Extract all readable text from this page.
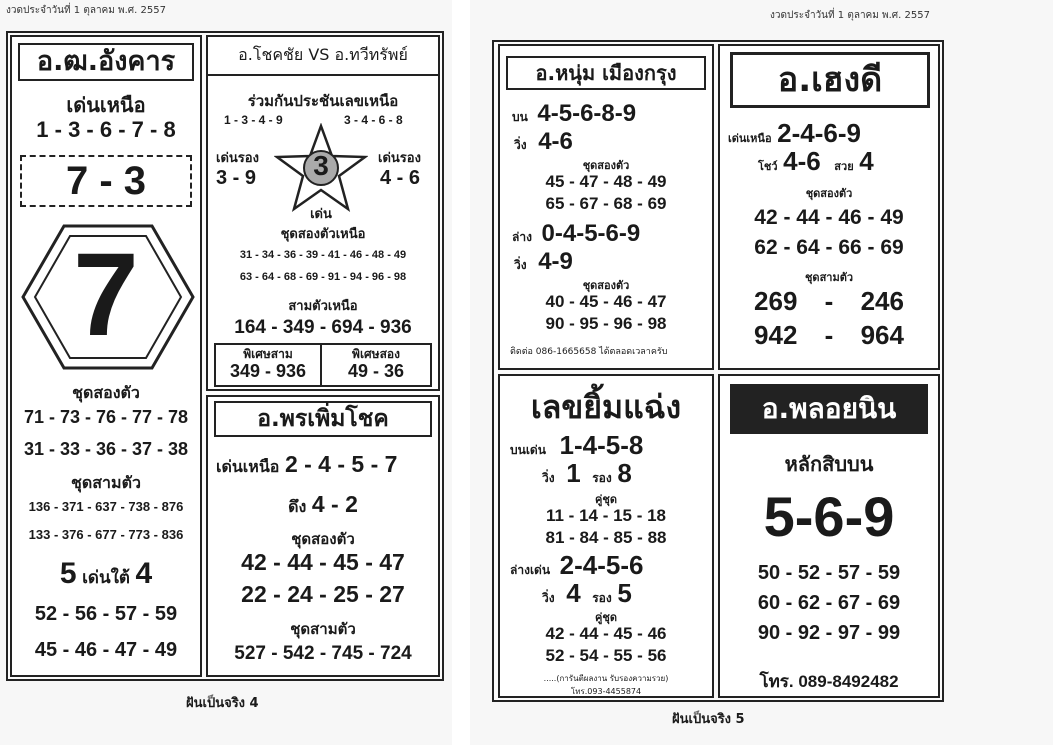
งวดประจำวันที่ 1 ตุลาคม พ.ศ. 2557
อ.ฒ.อังคาร
เด่นเหนือ
1 - 3 - 6 - 7 - 8
7 - 3
7
ชุดสองตัว
71 - 73 - 76 - 77 - 78
31 - 33 - 36 - 37 - 38
ชุดสามตัว
136 - 371 - 637 - 738 - 876
133 - 376 - 677 - 773 - 836
5 เด่นใต้ 4
52 - 56 - 57 - 59
45 - 46 - 47 - 49
อ.โชคชัย VS อ.ทวีทรัพย์
ร่วมกันประชันเลขเหนือ
1 - 3 - 4 - 9	3 - 4 - 6 - 8
3
เด่น
เด่นรอง
3 - 9
เด่นรอง
4 - 6
ชุดสองตัวเหนือ
31 - 34 - 36 - 39 - 41 - 46 - 48 - 49
63 - 64 - 68 - 69 - 91 - 94 - 96 - 98
สามตัวเหนือ
164 - 349 - 694 - 936
พิเศษสาม
349 - 936
พิเศษสอง
49 - 36
อ.พรเพิ่มโชค
เด่นเหนือ 2 - 4 - 5 - 7
ดึง 4 - 2
ชุดสองตัว
42 - 44 - 45 - 47
22 - 24 - 25 - 27
ชุดสามตัว
527 - 542 - 745 - 724
ฝันเป็นจริง 4
งวดประจำวันที่ 1 ตุลาคม พ.ศ. 2557
อ.หนุ่ม เมืองกรุง
บน 4-5-6-8-9
วิ่ง 4-6
ชุดสองตัว
45 - 47 - 48 - 49
65 - 67 - 68 - 69
ล่าง 0-4-5-6-9
วิ่ง 4-9
ชุดสองตัว
40 - 45 - 46 - 47
90 - 95 - 96 - 98
ติดต่อ 086-1665658 ได้ตลอดเวลาครับ
อ.เฮงดี
เด่นเหนือ 2-4-6-9
โชว์ 4-6 สวย 4
ชุดสองตัว
42 - 44 - 46 - 49
62 - 64 - 66 - 69
ชุดสามตัว
269 - 246
942 - 964
เลขยิ้มแฉ่ง
บนเด่น 1-4-5-8
วิ่ง 1 รอง 8
คู่ชุด
11 - 14 - 15 - 18
81 - 84 - 85 - 88
ล่างเด่น 2-4-5-6
วิ่ง 4 รอง 5
คู่ชุด
42 - 44 - 45 - 46
52 - 54 - 55 - 56
.....(การันตีผลงาน รับรองความรวย)
โทร.093-4455874
อ.พลอยนิน
หลักสิบบน
5-6-9
50 - 52 - 57 - 59
60 - 62 - 67 - 69
90 - 92 - 97 - 99
โทร. 089-8492482
ฝันเป็นจริง 5
